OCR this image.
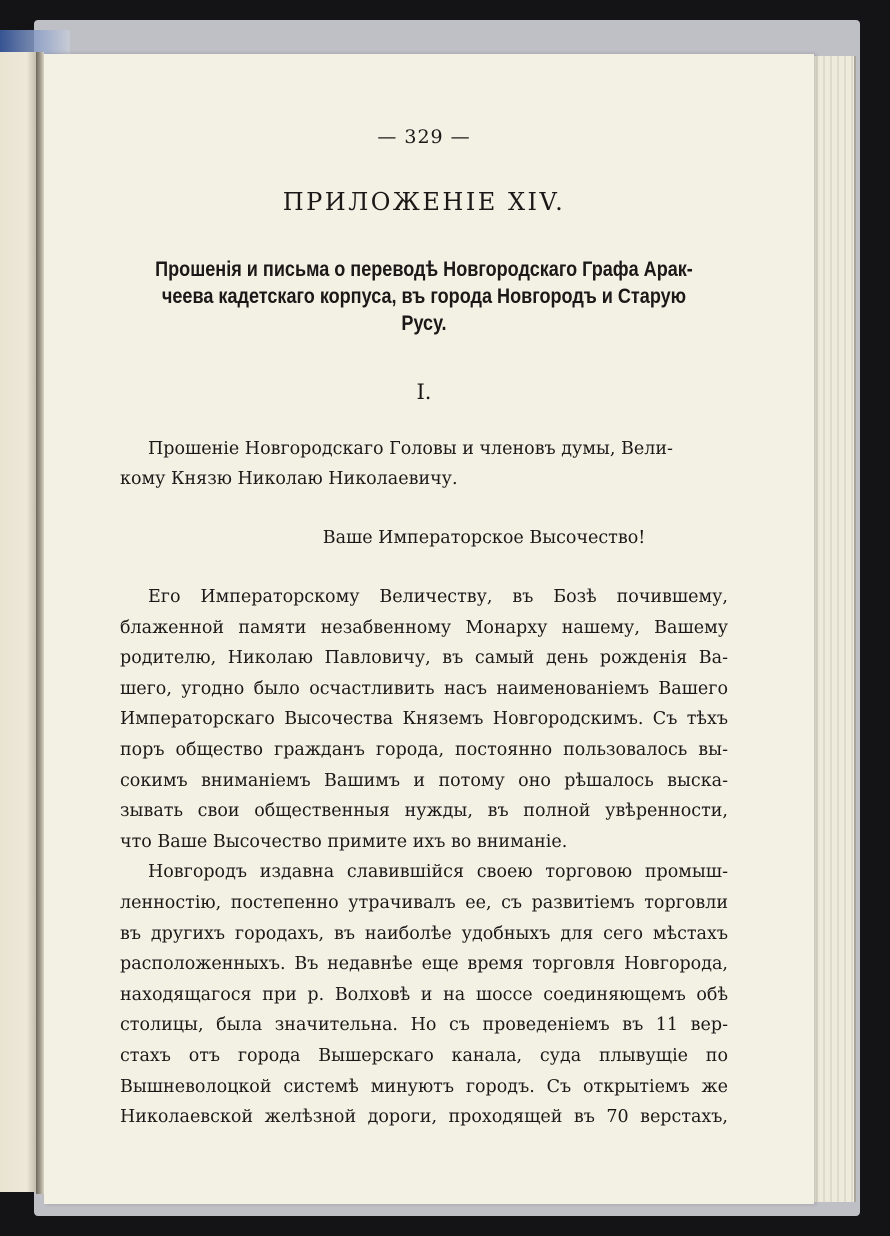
— 329 —
ПРИЛОЖЕНІЕ XIV.
Прошенія и письма о переводѣ Новгородскаго Графа Арак-
чеева кадетскаго корпуса, въ города Новгородъ и Старую
Русу.
I.
Прошеніе Новгородскаго Головы и членовъ думы, Вели-
кому Князю Николаю Николаевичу.
Ваше Императорское Высочество!
Его Императорскому Величеству, въ Бозѣ почившему,
блаженной памяти незабвенному Монарху нашему, Вашему
родителю, Николаю Павловичу, въ самый день рожденія Ва-
шего, угодно было осчастливить насъ наименованіемъ Вашего
Императорскаго Высочества Княземъ Новгородскимъ. Съ тѣхъ
поръ общество гражданъ города, постоянно пользовалось вы-
сокимъ вниманіемъ Вашимъ и потому оно рѣшалось выска-
зывать свои общественныя нужды, въ полной увѣренности,
что Ваше Высочество примите ихъ во вниманіе.
Новгородъ издавна славившійся своею торговою промыш-
ленностію, постепенно утрачивалъ ее, съ развитіемъ торговли
въ другихъ городахъ, въ наиболѣе удобныхъ для сего мѣстахъ
расположенныхъ. Въ недавнѣе еще время торговля Новгорода,
находящагося при р. Волховѣ и на шоссе соединяющемъ обѣ
столицы, была значительна. Но съ проведеніемъ въ 11 вер-
стахъ отъ города Вышерскаго канала, суда плывущіе по
Вышневолоцкой системѣ минуютъ городъ. Съ открытіемъ же
Николаевской желѣзной дороги, проходящей въ 70 верстахъ,
